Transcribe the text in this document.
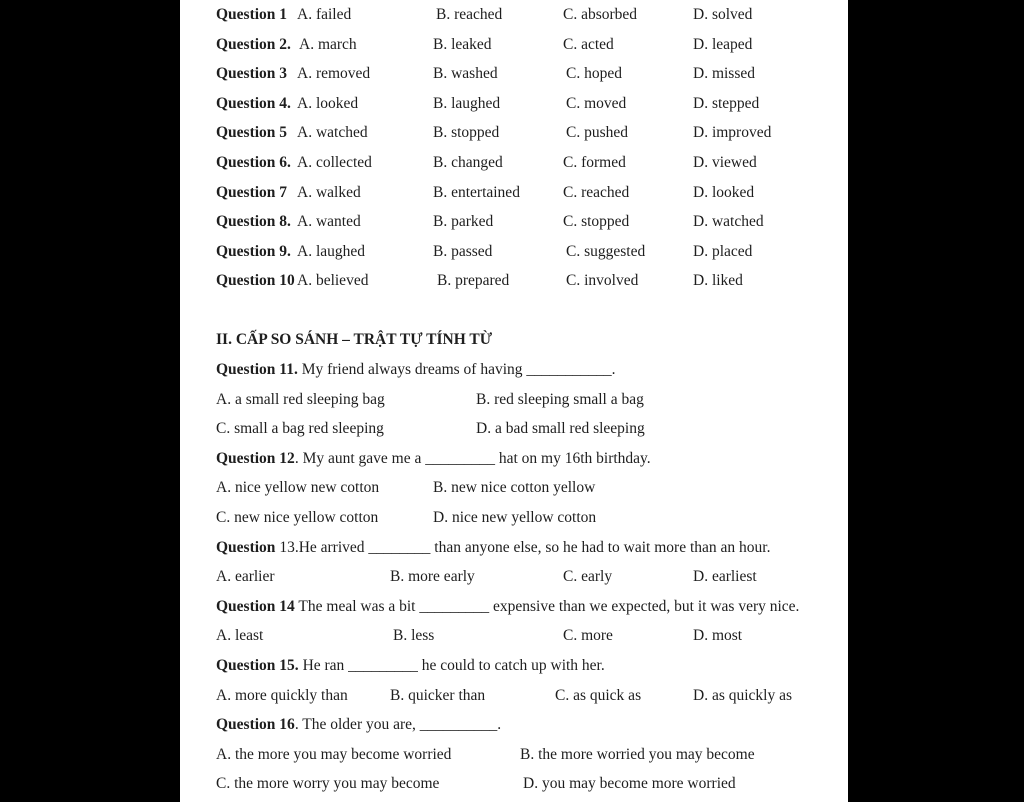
Question 1 A. failed	B. reached	C. absorbed	D. solved
Question 2. A. march	B. leaked	C. acted	D. leaped
Question 3 A. removed	B. washed	C. hoped	D. missed
Question 4. A. looked	B. laughed	C. moved	D. stepped
Question 5 A. watched	B. stopped	C. pushed	D. improved
Question 6. A. collected	B. changed	C. formed	D. viewed
Question 7 A. walked	B. entertained	C. reached	D. looked
Question 8. A. wanted	B. parked	C. stopped	D. watched
Question 9. A. laughed	B. passed	C. suggested	D. placed
Question 10 A. believed	B. prepared	C. involved	D. liked
II. CẤP SO SÁNH – TRẬT TỰ TÍNH TỪ
Question 11. My friend always dreams of having ___________.
A. a small red sleeping bag	B. red sleeping small a bag
C. small a bag red sleeping	D. a bad small red sleeping
Question 12. My aunt gave me a _________ hat on my 16th birthday.
A. nice yellow new cotton	B. new nice cotton yellow
C. new nice yellow cotton	D. nice new yellow cotton
Question 13.He arrived ________ than anyone else, so he had to wait more than an hour.
A. earlier	B. more early	C. early	D. earliest
Question 14 The meal was a bit _________ expensive than we expected, but it was very nice.
A. least	B. less	C. more	D. most
Question 15. He ran _________ he could to catch up with her.
A. more quickly than	B. quicker than	C. as quick as	D. as quickly as
Question 16. The older you are, __________.
A. the more you may become worried	B. the more worried you may become
C. the more worry you may become	D. you may become more worried
